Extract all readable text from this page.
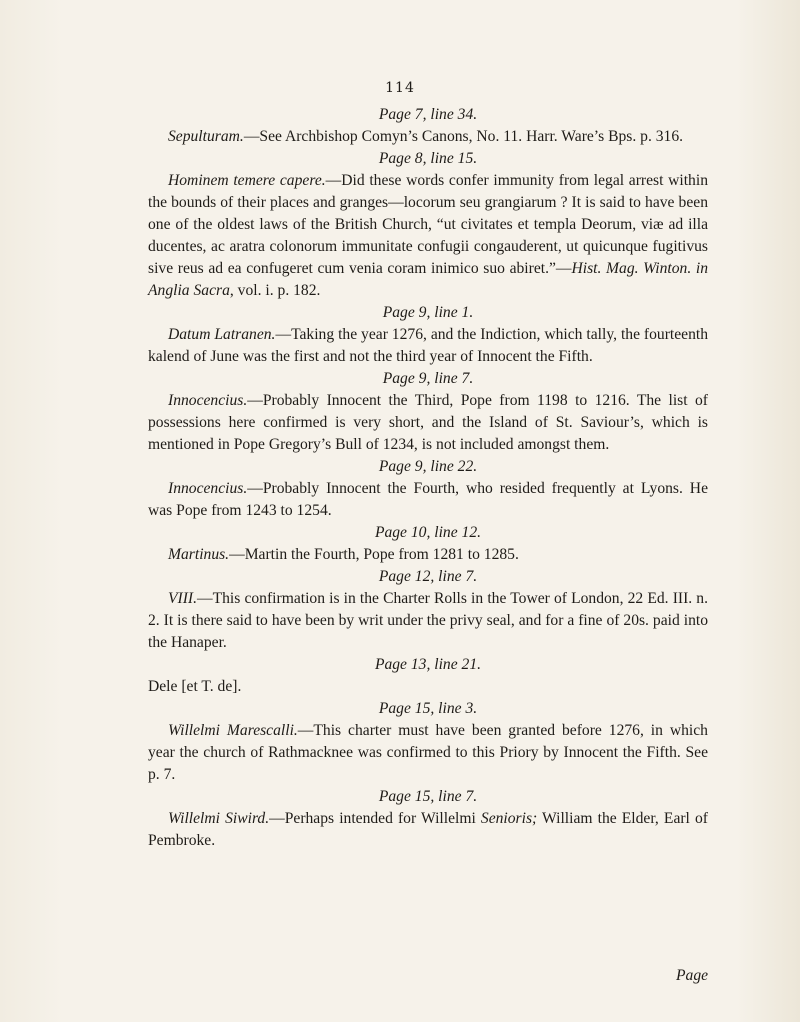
114

Page 7, line 34.

Sepulturam.—See Archbishop Comyn’s Canons, No. 11. Harr. Ware’s Bps. p. 316.

Page 8, line 15.

Hominem temere capere.—Did these words confer immunity from legal arrest within the bounds of their places and granges—locorum seu grangiarum ? It is said to have been one of the oldest laws of the British Church, “ut civitates et templa Deorum, viæ ad illa ducentes, ac aratra colonorum immunitate confugii congauderent, ut quicunque fugitivus sive reus ad ea confugeret cum venia coram inimico suo abiret.”—Hist. Mag. Winton. in Anglia Sacra, vol. i. p. 182.

Page 9, line 1.

Datum Latranen.—Taking the year 1276, and the Indiction, which tally, the fourteenth kalend of June was the first and not the third year of Innocent the Fifth.

Page 9, line 7.

Innocencius.—Probably Innocent the Third, Pope from 1198 to 1216. The list of possessions here confirmed is very short, and the Island of St. Saviour’s, which is mentioned in Pope Gregory’s Bull of 1234, is not included amongst them.

Page 9, line 22.

Innocencius.—Probably Innocent the Fourth, who resided frequently at Lyons. He was Pope from 1243 to 1254.

Page 10, line 12.

Martinus.—Martin the Fourth, Pope from 1281 to 1285.

Page 12, line 7.

VIII.—This confirmation is in the Charter Rolls in the Tower of London, 22 Ed. III. n. 2. It is there said to have been by writ under the privy seal, and for a fine of 20s. paid into the Hanaper.

Page 13, line 21.

Dele [et T. de].

Page 15, line 3.

Willelmi Marescalli.—This charter must have been granted before 1276, in which year the church of Rathmacknee was confirmed to this Priory by Innocent the Fifth. See p. 7.

Page 15, line 7.

Willelmi Siwird.—Perhaps intended for Willelmi Senioris; William the Elder, Earl of Pembroke.

Page
